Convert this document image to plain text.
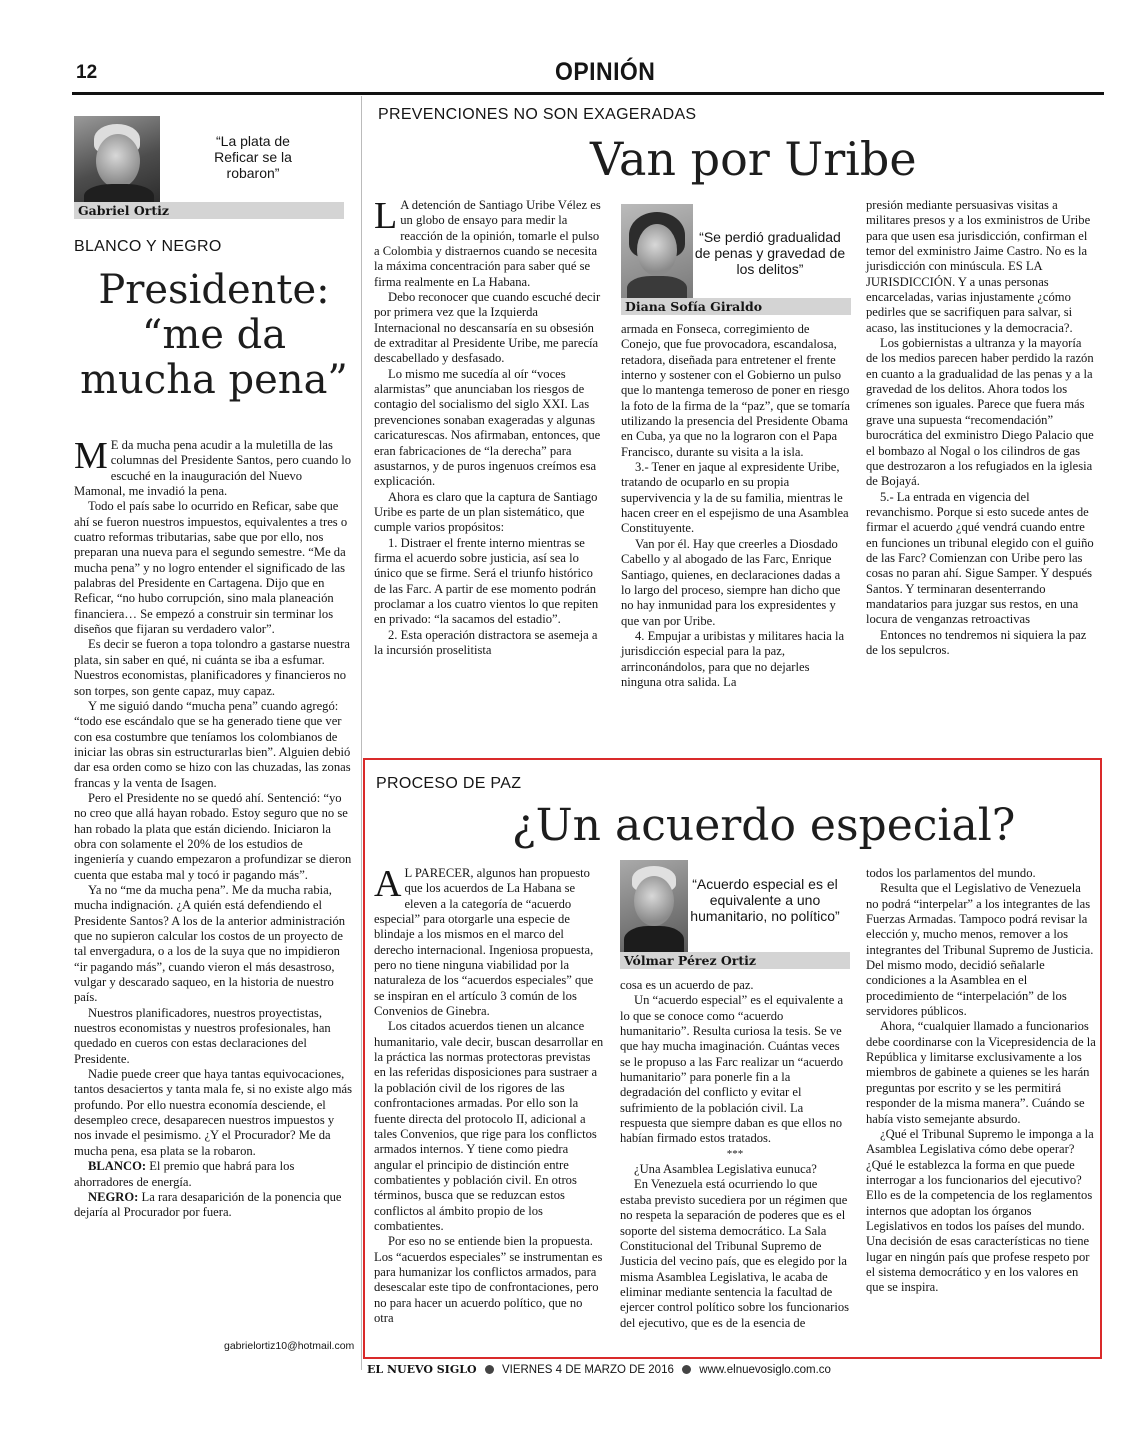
12	OPINIÓN
“La plata de Reficar se la robaron”
Gabriel Ortiz
BLANCO Y NEGRO
Presidente: “me da mucha pena”

M E da mucha pena acudir a la muletilla de las columnas del Presidente Santos, pero cuando lo escuché en la inauguración del Nuevo Mamonal, me invadió la pena.

Todo el país sabe lo ocurrido en Reficar, sabe que ahí se fueron nuestros impuestos, equivalentes a tres o cuatro reformas tributarias, sabe que por ello, nos preparan una nueva para el segundo semestre. “Me da mucha pena” y no logro entender el significado de las palabras del Presidente en Cartagena. Dijo que en Reficar, “no hubo corrupción, sino mala planeación financiera… Se empezó a construir sin terminar los diseños que fijaran su verdadero valor”.

Es decir se fueron a topa tolondro a gastarse nuestra plata, sin saber en qué, ni cuánta se iba a esfumar. Nuestros economistas, planificadores y financieros no son torpes, son gente capaz, muy capaz.

Y me siguió dando “mucha pena” cuando agregó: “todo ese escándalo que se ha generado tiene que ver con esa costumbre que teníamos los colombianos de iniciar las obras sin estructurarlas bien”. Alguien debió dar esa orden como se hizo con las chuzadas, las zonas francas y la venta de Isagen.

Pero el Presidente no se quedó ahí. Sentenció: “yo no creo que allá hayan robado. Estoy seguro que no se han robado la plata que están diciendo. Iniciaron la obra con solamente el 20% de los estudios de ingeniería y cuando empezaron a profundizar se dieron cuenta que estaba mal y tocó ir pagando más”.

Ya no “me da mucha pena”. Me da mucha rabia, mucha indignación. ¿A quién está defendiendo el Presidente Santos? A los de la anterior administración que no supieron calcular los costos de un proyecto de tal envergadura, o a los de la suya que no impidieron “ir pagando más”, cuando vieron el más desastroso, vulgar y descarado saqueo, en la historia de nuestro país.

Nuestros planificadores, nuestros proyectistas, nuestros economistas y nuestros profesionales, han quedado en cueros con estas declaraciones del Presidente.

Nadie puede creer que haya tantas equivocaciones, tantos desaciertos y tanta mala fe, si no existe algo más profundo. Por ello nuestra economía desciende, el desempleo crece, desaparecen nuestros impuestos y nos invade el pesimismo. ¿Y el Procurador? Me da mucha pena, esa plata se la robaron.

BLANCO: El premio que habrá para los ahorradores de energía.

NEGRO: La rara desaparición de la ponencia que dejaría al Procurador por fuera.

gabrielortiz10@hotmail.com
PREVENCIONES NO SON EXAGERADAS
Van por Uribe

L A detención de Santiago Uribe Vélez es un globo de ensayo para medir la reacción de la opinión, tomarle el pulso a Colombia y distraernos cuando se necesita la máxima concentración para saber qué se firma realmente en La Habana.

Debo reconocer que cuando escuché decir por primera vez que la Izquierda Internacional no descansaría en su obsesión de extraditar al Presidente Uribe, me parecía descabellado y desfasado.

Lo mismo me sucedía al oír “voces alarmistas” que anunciaban los riesgos de contagio del socialismo del siglo XXI. Las prevenciones sonaban exageradas y algunas caricaturescas. Nos afirmaban, entonces, que eran fabricaciones de “la derecha” para asustarnos, y de puros ingenuos creímos esa explicación.

Ahora es claro que la captura de Santiago Uribe es parte de un plan sistemático, que cumple varios propósitos:

1. Distraer el frente interno mientras se firma el acuerdo sobre justicia, así sea lo único que se firme. Será el triunfo histórico de las Farc. A partir de ese momento podrán proclamar a los cuatro vientos lo que repiten en privado: “la sacamos del estadio”.

2. Esta operación distractora se asemeja a la incursión proselitista

“Se perdió gradualidad de penas y gravedad de los delitos”
Diana Sofía Giraldo

armada en Fonseca, corregimiento de Conejo, que fue provocadora, escandalosa, retadora, diseñada para entretener el frente interno y sostener con el Gobierno un pulso que lo mantenga temeroso de poner en riesgo la foto de la firma de la “paz”, que se tomaría utilizando la presencia del Presidente Obama en Cuba, ya que no la lograron con el Papa Francisco, durante su visita a la isla.

3.- Tener en jaque al expresidente Uribe, tratando de ocuparlo en su propia supervivencia y la de su familia, mientras le hacen creer en el espejismo de una Asamblea Constituyente.

Van por él. Hay que creerles a Diosdado Cabello y al abogado de las Farc, Enrique Santiago, quienes, en declaraciones dadas a lo largo del proceso, siempre han dicho que no hay inmunidad para los expresidentes y que van por Uribe.

4. Empujar a uribistas y militares hacia la jurisdicción especial para la paz, arrinconándolos, para que no dejarles ninguna otra salida. La

presión mediante persuasivas visitas a militares presos y a los exministros de Uribe para que usen esa jurisdicción, confirman el temor del exministro Jaime Castro. No es la jurisdicción con minúscula. ES LA JURISDICCIÓN. Y a unas personas encarceladas, varias injustamente ¿cómo pedirles que se sacrifiquen para salvar, si acaso, las instituciones y la democracia?.

Los gobiernistas a ultranza y la mayoría de los medios parecen haber perdido la razón en cuanto a la gradualidad de las penas y a la gravedad de los delitos. Ahora todos los crímenes son iguales. Parece que fuera más grave una supuesta “recomendación” burocrática del exministro Diego Palacio que el bombazo al Nogal o los cilindros de gas que destrozaron a los refugiados en la iglesia de Bojayá.

5.- La entrada en vigencia del revanchismo. Porque si esto sucede antes de firmar el acuerdo ¿qué vendrá cuando entre en funciones un tribunal elegido con el guiño de las Farc? Comienzan con Uribe pero las cosas no paran ahí. Sigue Samper. Y después Santos. Y terminaran desenterrando mandatarios para juzgar sus restos, en una locura de venganzas retroactivas

Entonces no tendremos ni siquiera la paz de los sepulcros.

PROCESO DE PAZ
¿Un acuerdo especial?

A L PARECER, algunos han propuesto que los acuerdos de La Habana se eleven a la categoría de “acuerdo especial” para otorgarle una especie de blindaje a los mismos en el marco del derecho internacional. Ingeniosa propuesta, pero no tiene ninguna viabilidad por la naturaleza de los “acuerdos especiales” que se inspiran en el artículo 3 común de los Convenios de Ginebra.

Los citados acuerdos tienen un alcance humanitario, vale decir, buscan desarrollar en la práctica las normas protectoras previstas en las referidas disposiciones para sustraer a la población civil de los rigores de las confrontaciones armadas. Por ello son la fuente directa del protocolo II, adicional a tales Convenios, que rige para los conflictos armados internos. Y tiene como piedra angular el principio de distinción entre combatientes y población civil. En otros términos, busca que se reduzcan estos conflictos al ámbito propio de los combatientes.

Por eso no se entiende bien la propuesta. Los “acuerdos especiales” se instrumentan es para humanizar los conflictos armados, para desescalar este tipo de confrontaciones, pero no para hacer un acuerdo político, que no otra

“Acuerdo especial es el equivalente a uno humanitario, no político”
Vólmar Pérez Ortiz

cosa es un acuerdo de paz.

Un “acuerdo especial” es el equivalente a lo que se conoce como “acuerdo humanitario”. Resulta curiosa la tesis. Se ve que hay mucha imaginación. Cuántas veces se le propuso a las Farc realizar un “acuerdo humanitario” para ponerle fin a la degradación del conflicto y evitar el sufrimiento de la población civil. La respuesta que siempre daban es que ellos no habían firmado estos tratados.

***

¿Una Asamblea Legislativa eunuca?

En Venezuela está ocurriendo lo que estaba previsto sucediera por un régimen que no respeta la separación de poderes que es el soporte del sistema democrático. La Sala Constitucional del Tribunal Supremo de Justicia del vecino país, que es elegido por la misma Asamblea Legislativa, le acaba de eliminar mediante sentencia la facultad de ejercer control político sobre los funcionarios del ejecutivo, que es de la esencia de

todos los parlamentos del mundo.

Resulta que el Legislativo de Venezuela no podrá “interpelar” a los integrantes de las Fuerzas Armadas. Tampoco podrá revisar la elección y, mucho menos, remover a los integrantes del Tribunal Supremo de Justicia. Del mismo modo, decidió señalarle condiciones a la Asamblea en el procedimiento de “interpelación” de los servidores públicos.

Ahora, “cualquier llamado a funcionarios debe coordinarse con la Vicepresidencia de la República y limitarse exclusivamente a los miembros de gabinete a quienes se les harán preguntas por escrito y se les permitirá responder de la misma manera”. Cuándo se había visto semejante absurdo.

¿Qué el Tribunal Supremo le imponga a la Asamblea Legislativa cómo debe operar? ¿Qué le establezca la forma en que puede interrogar a los funcionarios del ejecutivo? Ello es de la competencia de los reglamentos internos que adoptan los órganos Legislativos en todos los países del mundo. Una decisión de esas características no tiene lugar en ningún país que profese respeto por el sistema democrático y en los valores en que se inspira.

EL NUEVO SIGLO VIERNES 4 DE MARZO DE 2016 www.elnuevosiglo.com.co
